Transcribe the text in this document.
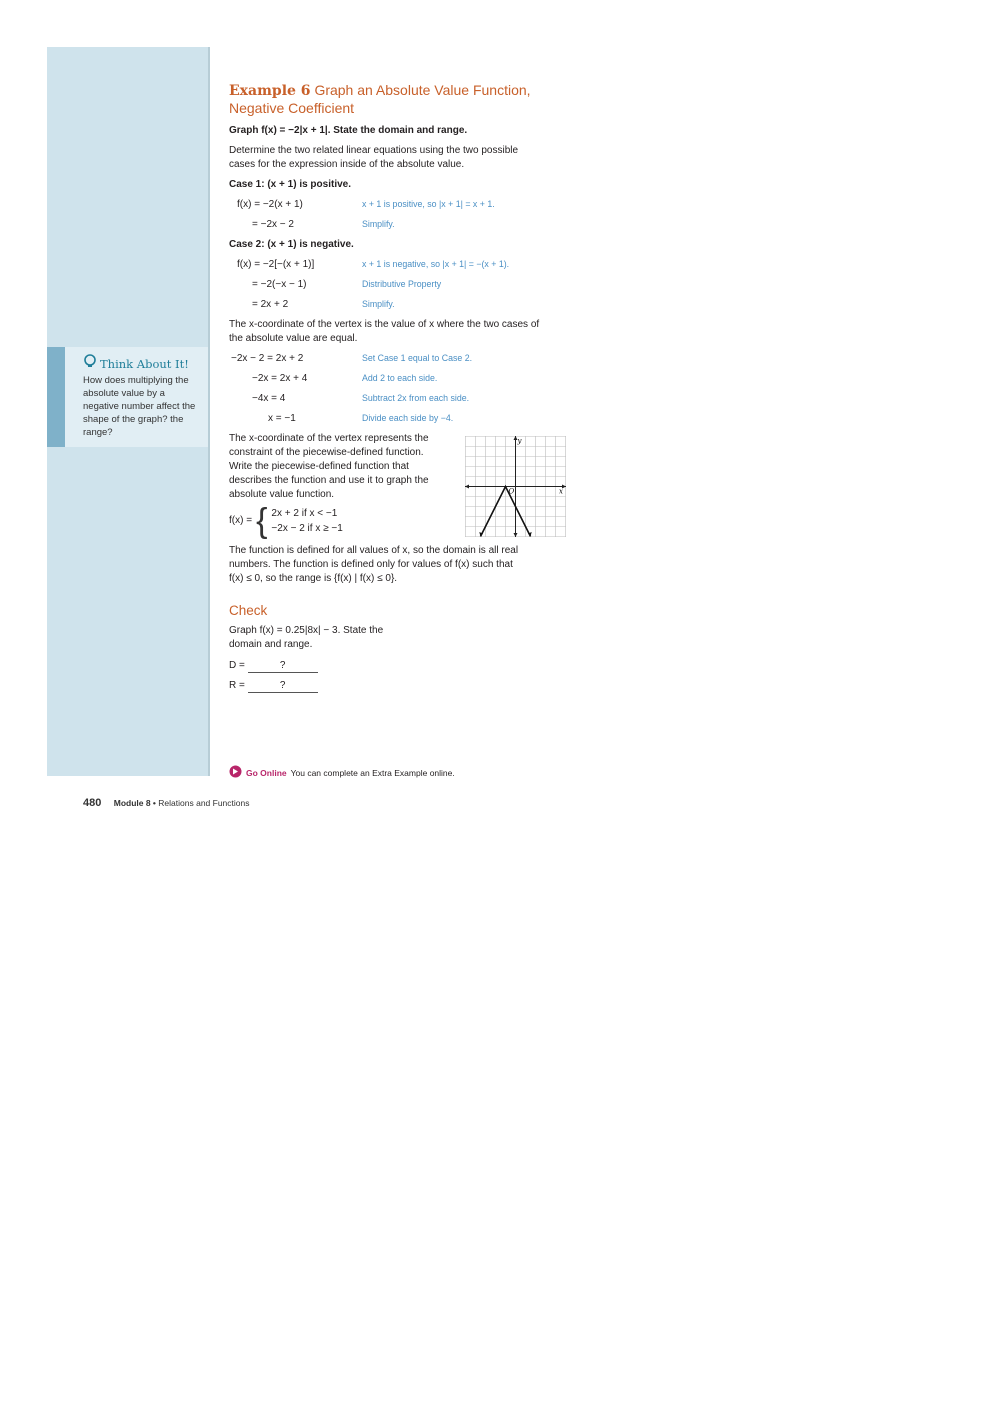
Think About It!
How does multiplying the absolute value by a negative number affect the shape of the graph? the range?
Example 6 Graph an Absolute Value Function,
Negative Coefficient
Graph f(x) = −2|x + 1|. State the domain and range.
Determine the two related linear equations using the two possible
cases for the expression inside of the absolute value.
Case 1: (x + 1) is positive.
f(x) = −2(x + 1)	x + 1 is positive, so |x + 1| = x + 1.
= −2x − 2	Simplify.
Case 2: (x + 1) is negative.
f(x) = −2[−(x + 1)]	x + 1 is negative, so |x + 1| = −(x + 1).
= −2(−x − 1)	Distributive Property
= 2x + 2	Simplify.
The x-coordinate of the vertex is the value of x where the two cases of
the absolute value are equal.
−2x − 2 = 2x + 2	Set Case 1 equal to Case 2.
−2x = 2x + 4	Add 2 to each side.
−4x = 4	Subtract 2x from each side.
x = −1	Divide each side by −4.
The x-coordinate of the vertex represents the
constraint of the piecewise-defined function.
Write the piecewise-defined function that
describes the function and use it to graph the
absolute value function.
f(x) = { 2x + 2 if x < −1
−2x − 2 if x ≥ −1
x
y
O
The function is defined for all values of x, so the domain is all real
numbers. The function is defined only for values of f(x) such that
f(x) ≤ 0, so the range is {f(x) | f(x) ≤ 0}.
Check
Graph f(x) = 0.25|8x| − 3. State the
domain and range.
D =	?
R =	?
Go Online You can complete an Extra Example online.
480 Module 8 • Relations and Functions
